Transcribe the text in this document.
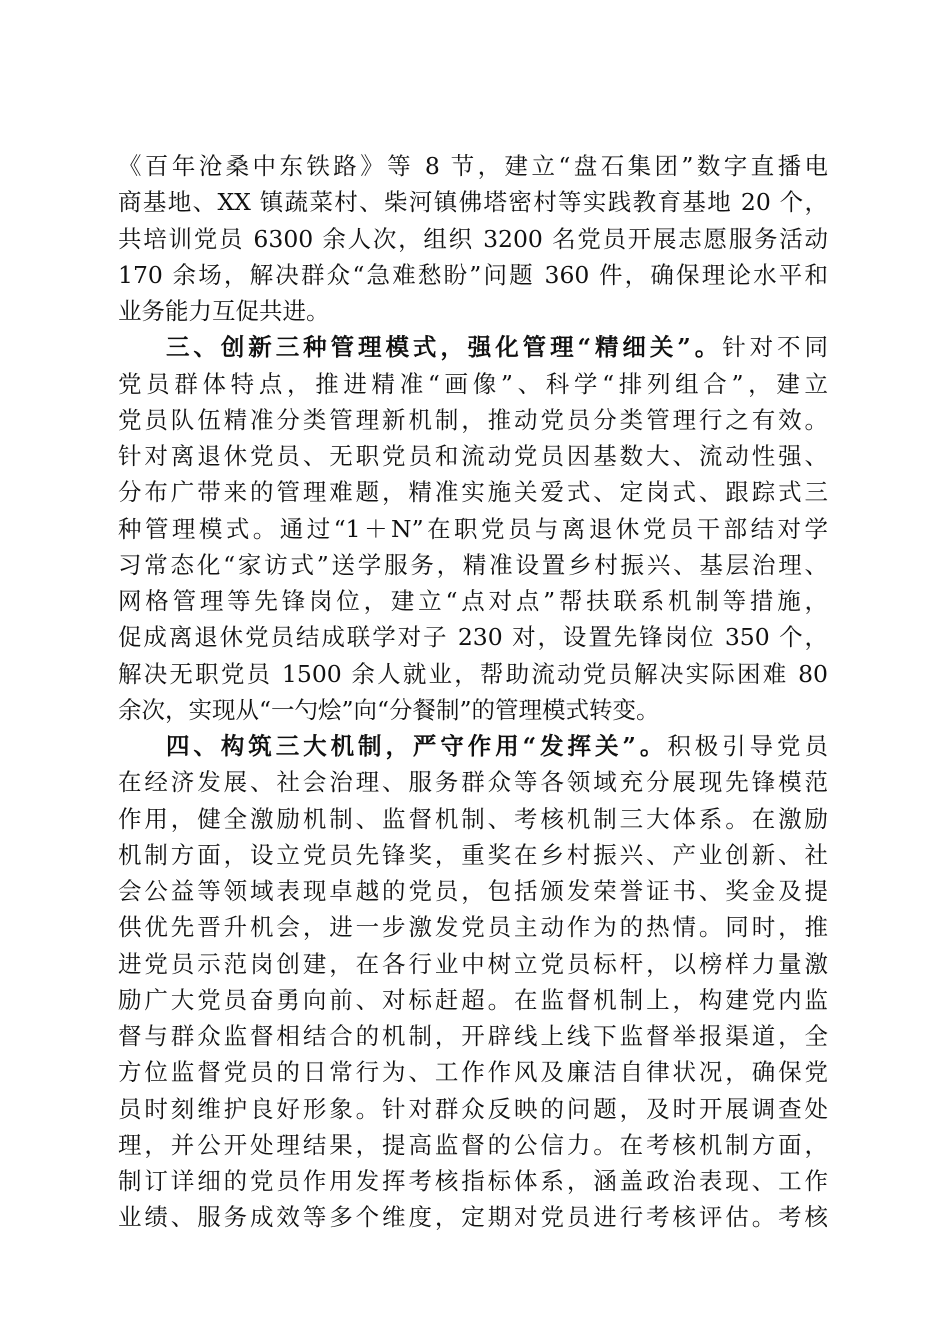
《百年沧桑中东铁路》等 8 节，建立“盘石集团”数字直播电
商基地、XX 镇蔬菜村、柴河镇佛塔密村等实践教育基地 20 个，
共培训党员 6300 余人次，组织 3200 名党员开展志愿服务活动
170 余场，解决群众“急难愁盼”问题 360 件，确保理论水平和
业务能力互促共进。
三、创新三种管理模式，强化管理“精细关”。针对不同
党员群体特点，推进精准“画像”、科学“排列组合”，建立
党员队伍精准分类管理新机制，推动党员分类管理行之有效。
针对离退休党员、无职党员和流动党员因基数大、流动性强、
分布广带来的管理难题，精准实施关爱式、定岗式、跟踪式三
种管理模式。通过“1＋N”在职党员与离退休党员干部结对学
习常态化“家访式”送学服务，精准设置乡村振兴、基层治理、
网格管理等先锋岗位，建立“点对点”帮扶联系机制等措施，
促成离退休党员结成联学对子 230 对，设置先锋岗位 350 个，
解决无职党员 1500 余人就业，帮助流动党员解决实际困难 80
余次，实现从“一勺烩”向“分餐制”的管理模式转变。
四、构筑三大机制，严守作用“发挥关”。积极引导党员
在经济发展、社会治理、服务群众等各领域充分展现先锋模范
作用，健全激励机制、监督机制、考核机制三大体系。在激励
机制方面，设立党员先锋奖，重奖在乡村振兴、产业创新、社
会公益等领域表现卓越的党员，包括颁发荣誉证书、奖金及提
供优先晋升机会，进一步激发党员主动作为的热情。同时，推
进党员示范岗创建，在各行业中树立党员标杆，以榜样力量激
励广大党员奋勇向前、对标赶超。在监督机制上，构建党内监
督与群众监督相结合的机制，开辟线上线下监督举报渠道，全
方位监督党员的日常行为、工作作风及廉洁自律状况，确保党
员时刻维护良好形象。针对群众反映的问题，及时开展调查处
理，并公开处理结果，提高监督的公信力。在考核机制方面，
制订详细的党员作用发挥考核指标体系，涵盖政治表现、工作
业绩、服务成效等多个维度，定期对党员进行考核评估。考核
